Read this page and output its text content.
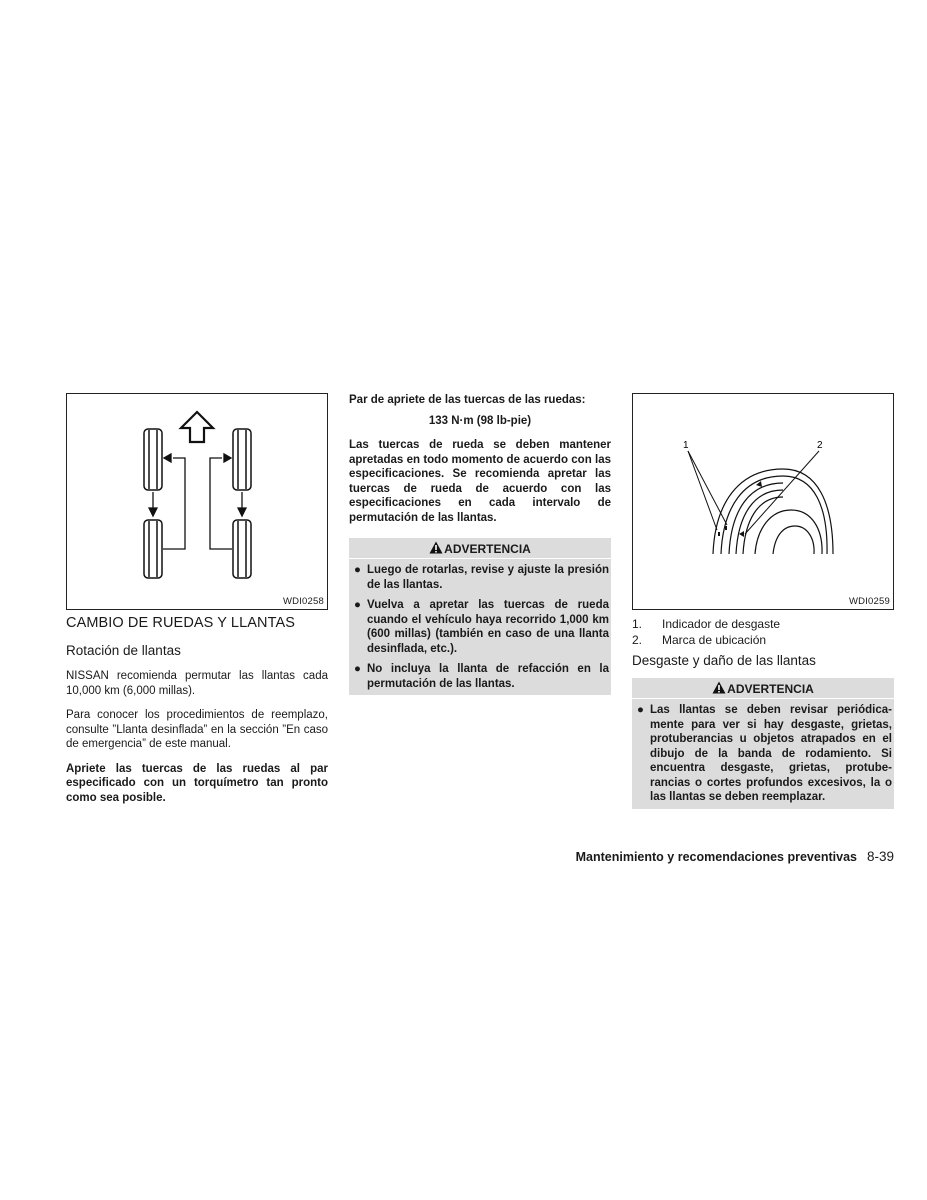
WDI0258
CAMBIO DE RUEDAS Y LLANTAS
Rotación de llantas

NISSAN recomienda permutar las llantas cada 10,000 km (6,000 millas).

Para conocer los procedimientos de reemplazo, consulte ”Llanta desinflada” en la sección ”En caso de emergencia” de este manual.

Apriete las tuercas de las ruedas al par especificado con un torquímetro tan pronto como sea posible.

Par de apriete de las tuercas de las ruedas:

133 N·m (98 lb-pie)

Las tuercas de rueda se deben mantener apretadas en todo momento de acuerdo con las especificaciones. Se recomienda apretar las tuercas de rueda de acuerdo con las especificaciones en cada intervalo de permutación de las llantas.

ADVERTENCIA
● Luego de rotarlas, revise y ajuste la presión de las llantas.
● Vuelva a apretar las tuercas de rueda cuando el vehículo haya recorrido 1,000 km (600 millas) (también en caso de una llanta desinflada, etc.).
● No incluya la llanta de refacción en la permutación de las llantas.
1	2
WDI0259
1. Indicador de desgaste
2. Marca de ubicación
Desgaste y daño de las llantas
ADVERTENCIA
● Las llantas se deben revisar periódica-mente para ver si hay desgaste, grietas, protuberancias u objetos atrapados en el dibujo de la banda de rodamiento. Si encuentra desgaste, grietas, protube-rancias o cortes profundos excesivos, la o las llantas se deben reemplazar.
Mantenimiento y recomendaciones preventivas 8-39
